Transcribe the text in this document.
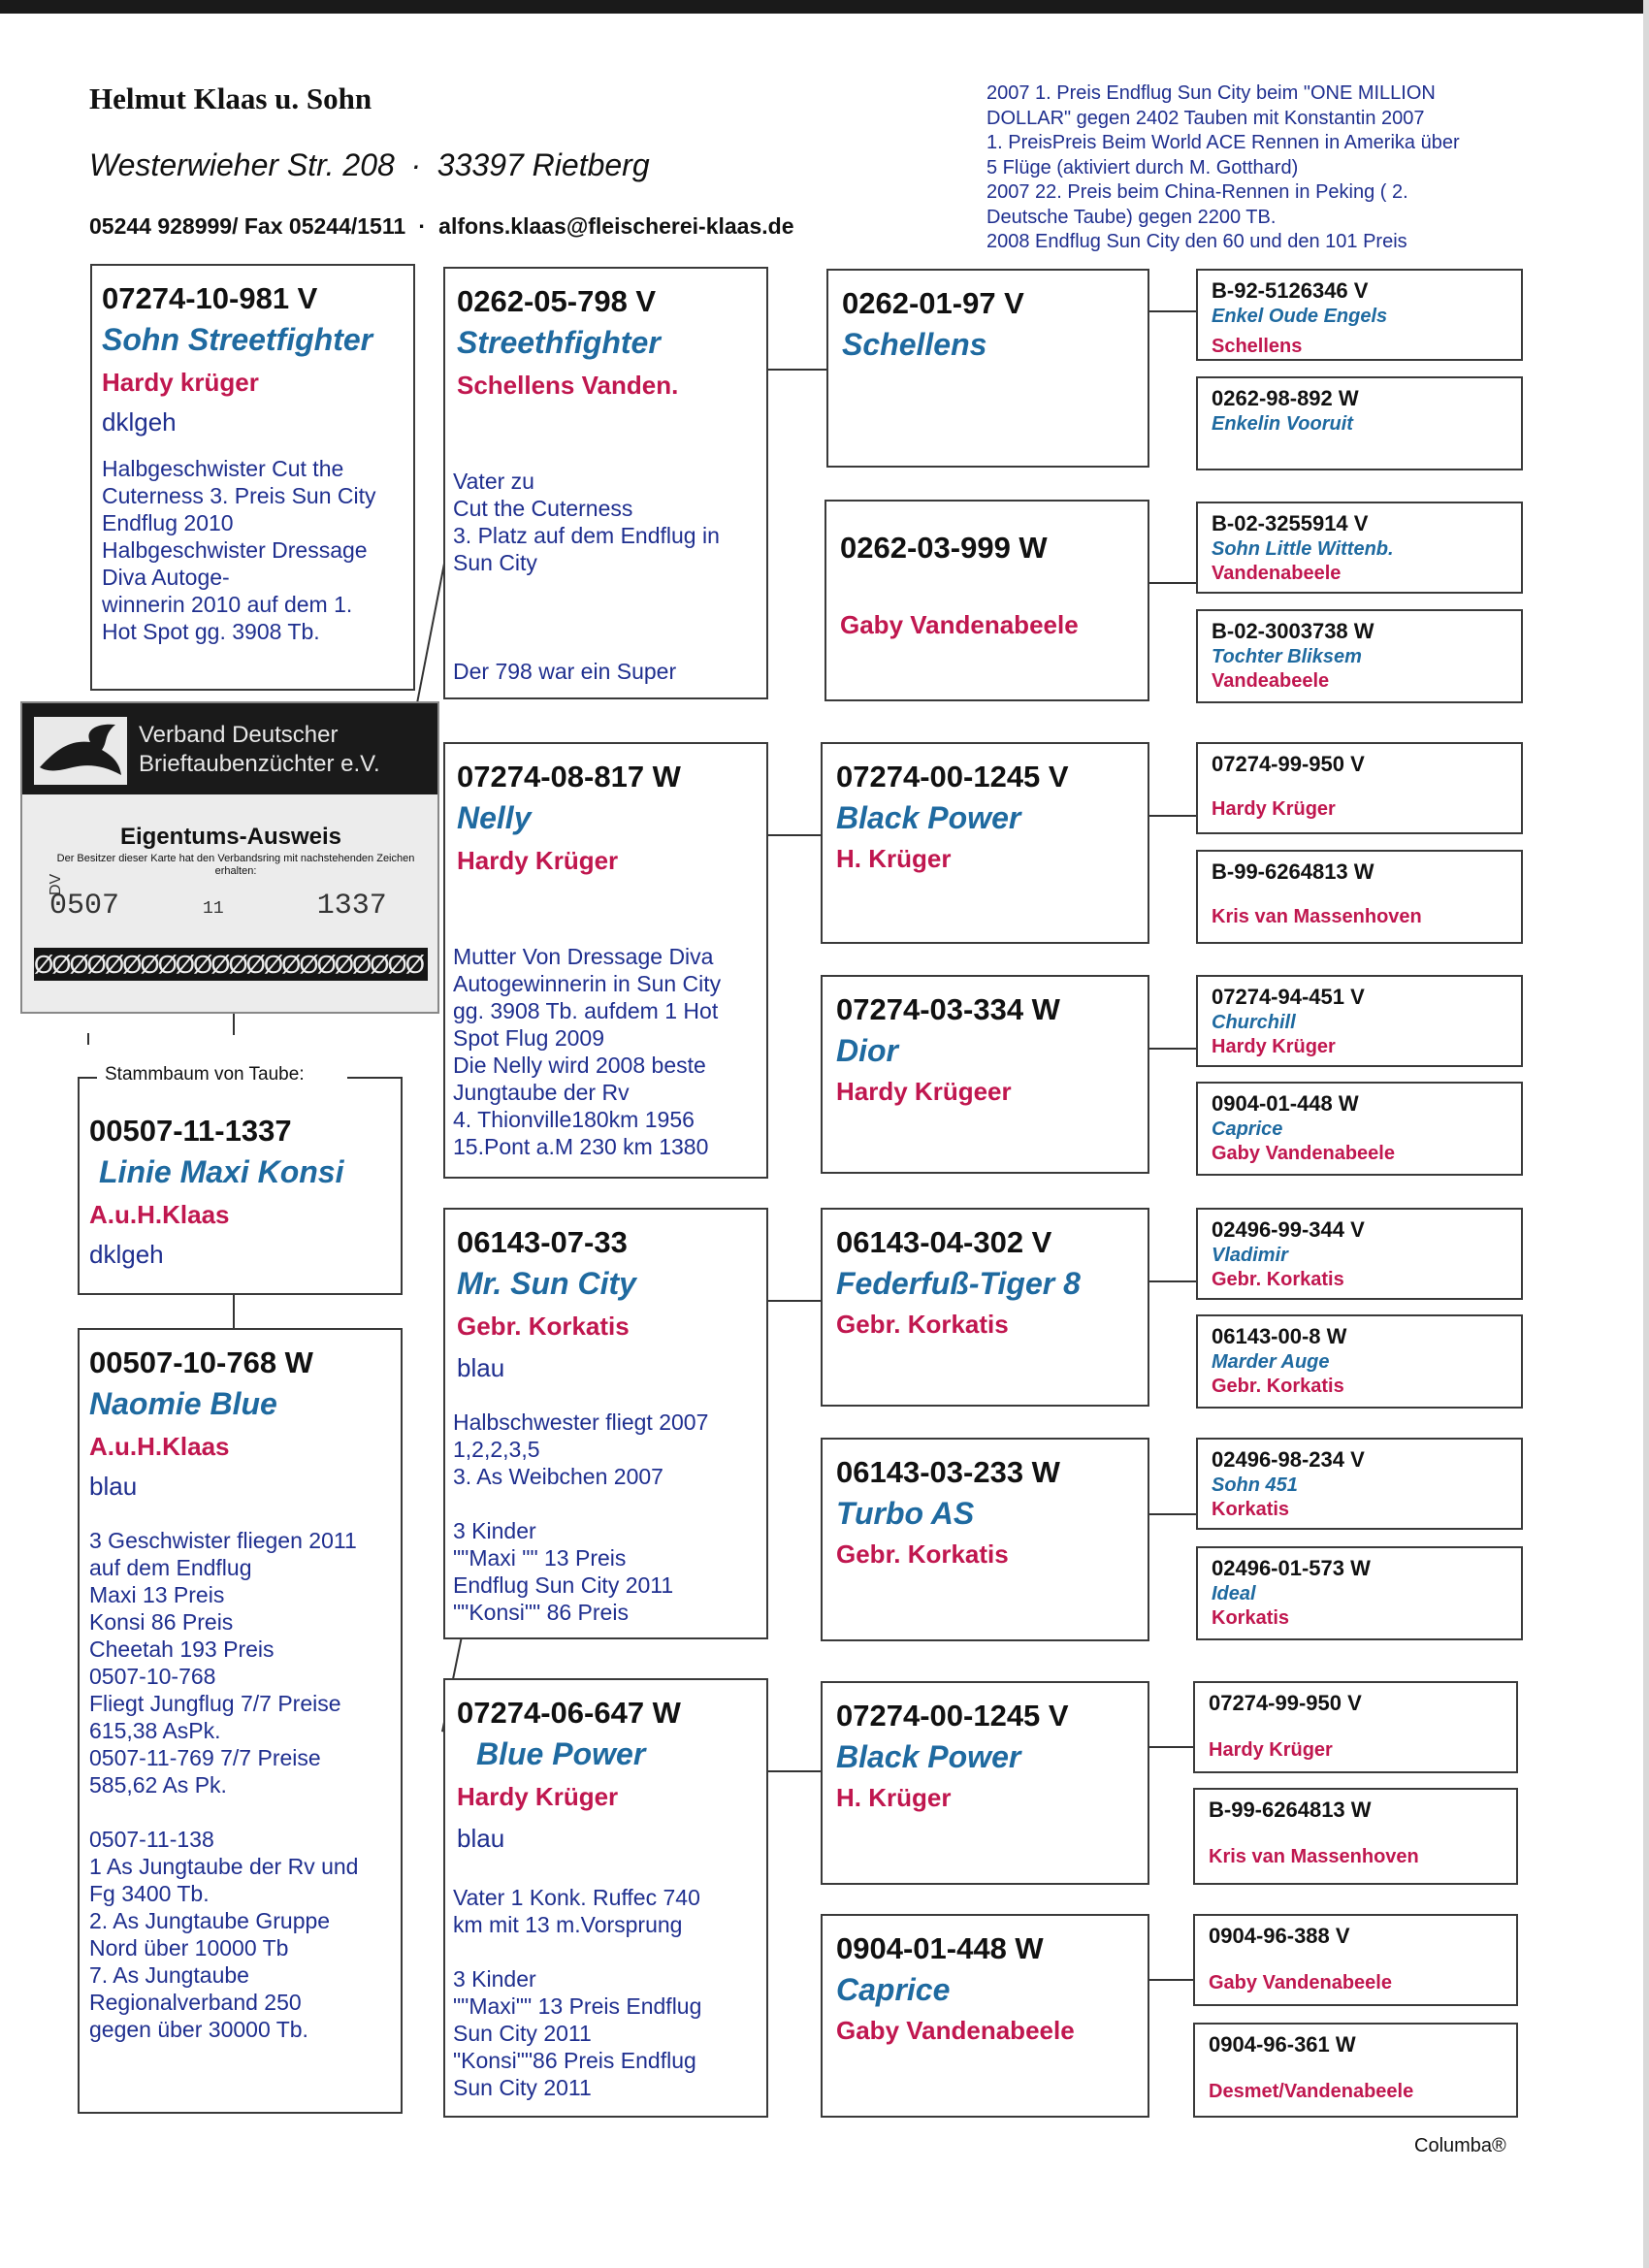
Helmut Klaas u. Sohn
Westerwieher Str. 208 · 33397 Rietberg
05244 928999/ Fax 05244/1511 · alfons.klaas@fleischerei-klaas.de
2007 1. Preis Endflug Sun City beim "ONE MILLION
DOLLAR" gegen 2402 Tauben mit Konstantin 2007
1. PreisPreis Beim World ACE Rennen in Amerika über
5 Flüge (aktiviert durch M. Gotthard)
2007 22. Preis beim China-Rennen in Peking ( 2.
Deutsche Taube) gegen 2200 TB.
2008 Endflug Sun City den 60 und den 101 Preis
07274-10-981 V
Sohn Streetfighter
Hardy krüger
dklgeh
Halbgeschwister Cut the
Cuterness 3. Preis Sun City
Endflug 2010
Halbgeschwister Dressage
Diva Autoge-
winnerin 2010 auf dem 1.
Hot Spot gg. 3908 Tb.
Verband Deutscher
Brieftaubenzüchter e.V.
Eigentums-Ausweis
Der Besitzer dieser Karte hat den Verbandsring mit nachstehenden Zeichen erhalten:
DV
0507	11	1337
ØØØØØØØØØØØØØØØØØØØØØØ
00507-11-1337
Linie Maxi Konsi
A.u.H.Klaas
dklgeh
Stammbaum von Taube:
00507-10-768 W
Naomie Blue
A.u.H.Klaas
blau
3 Geschwister fliegen 2011
auf dem Endflug
Maxi 13 Preis
Konsi 86 Preis
Cheetah 193 Preis
0507-10-768
Fliegt Jungflug 7/7 Preise
615,38 AsPk.
0507-11-769 7/7 Preise
585,62 As Pk.

0507-11-138
1 As Jungtaube der Rv und
Fg 3400 Tb.
2. As Jungtaube Gruppe
Nord über 10000 Tb
7. As Jungtaube
Regionalverband 250
gegen über 30000 Tb.
0262-05-798 V
Streethfighter
Schellens Vanden.
Vater zu
Cut the Cuterness
3. Platz auf dem Endflug in
Sun City

Der 798 war ein Super
07274-08-817 W
Nelly
Hardy Krüger
Mutter Von Dressage Diva
Autogewinnerin in Sun City
gg. 3908 Tb. aufdem 1 Hot
Spot Flug 2009
Die Nelly wird 2008 beste
Jungtaube der Rv
4. Thionville180km 1956
15.Pont a.M 230 km 1380
06143-07-33
Mr. Sun City
Gebr. Korkatis
blau
Halbschwester fliegt 2007
1,2,2,3,5
3. As Weibchen 2007

3 Kinder
""Maxi "" 13 Preis
Endflug Sun City 2011
""Konsi"" 86 Preis
07274-06-647 W
Blue Power
Hardy Krüger
blau
Vater 1 Konk. Ruffec 740
km mit 13 m.Vorsprung

3 Kinder
""Maxi"" 13 Preis Endflug
Sun City 2011
"Konsi""86 Preis Endflug
Sun City 2011
0262-01-97 V
Schellens
0262-03-999 W
Gaby Vandenabeele
07274-00-1245 V
Black Power
H. Krüger
07274-03-334 W
Dior
Hardy Krügeer
06143-04-302 V
Federfuß-Tiger 8
Gebr. Korkatis
06143-03-233 W
Turbo AS
Gebr. Korkatis
07274-00-1245 V
Black Power
H. Krüger
0904-01-448 W
Caprice
Gaby Vandenabeele
B-92-5126346 V
Enkel Oude Engels
Schellens
0262-98-892 W
Enkelin Vooruit
B-02-3255914 V
Sohn Little Wittenb.
Vandenabeele
B-02-3003738 W
Tochter Bliksem
Vandeabeele
07274-99-950 V
Hardy Krüger
B-99-6264813 W
Kris van Massenhoven
07274-94-451 V
Churchill
Hardy Krüger
0904-01-448 W
Caprice
Gaby Vandenabeele
02496-99-344 V
Vladimir
Gebr. Korkatis
06143-00-8 W
Marder Auge
Gebr. Korkatis
02496-98-234 V
Sohn 451
Korkatis
02496-01-573 W
Ideal
Korkatis
07274-99-950 V
Hardy Krüger
B-99-6264813 W
Kris van Massenhoven
0904-96-388 V
Gaby Vandenabeele
0904-96-361 W
Desmet/Vandenabeele
Columba®
